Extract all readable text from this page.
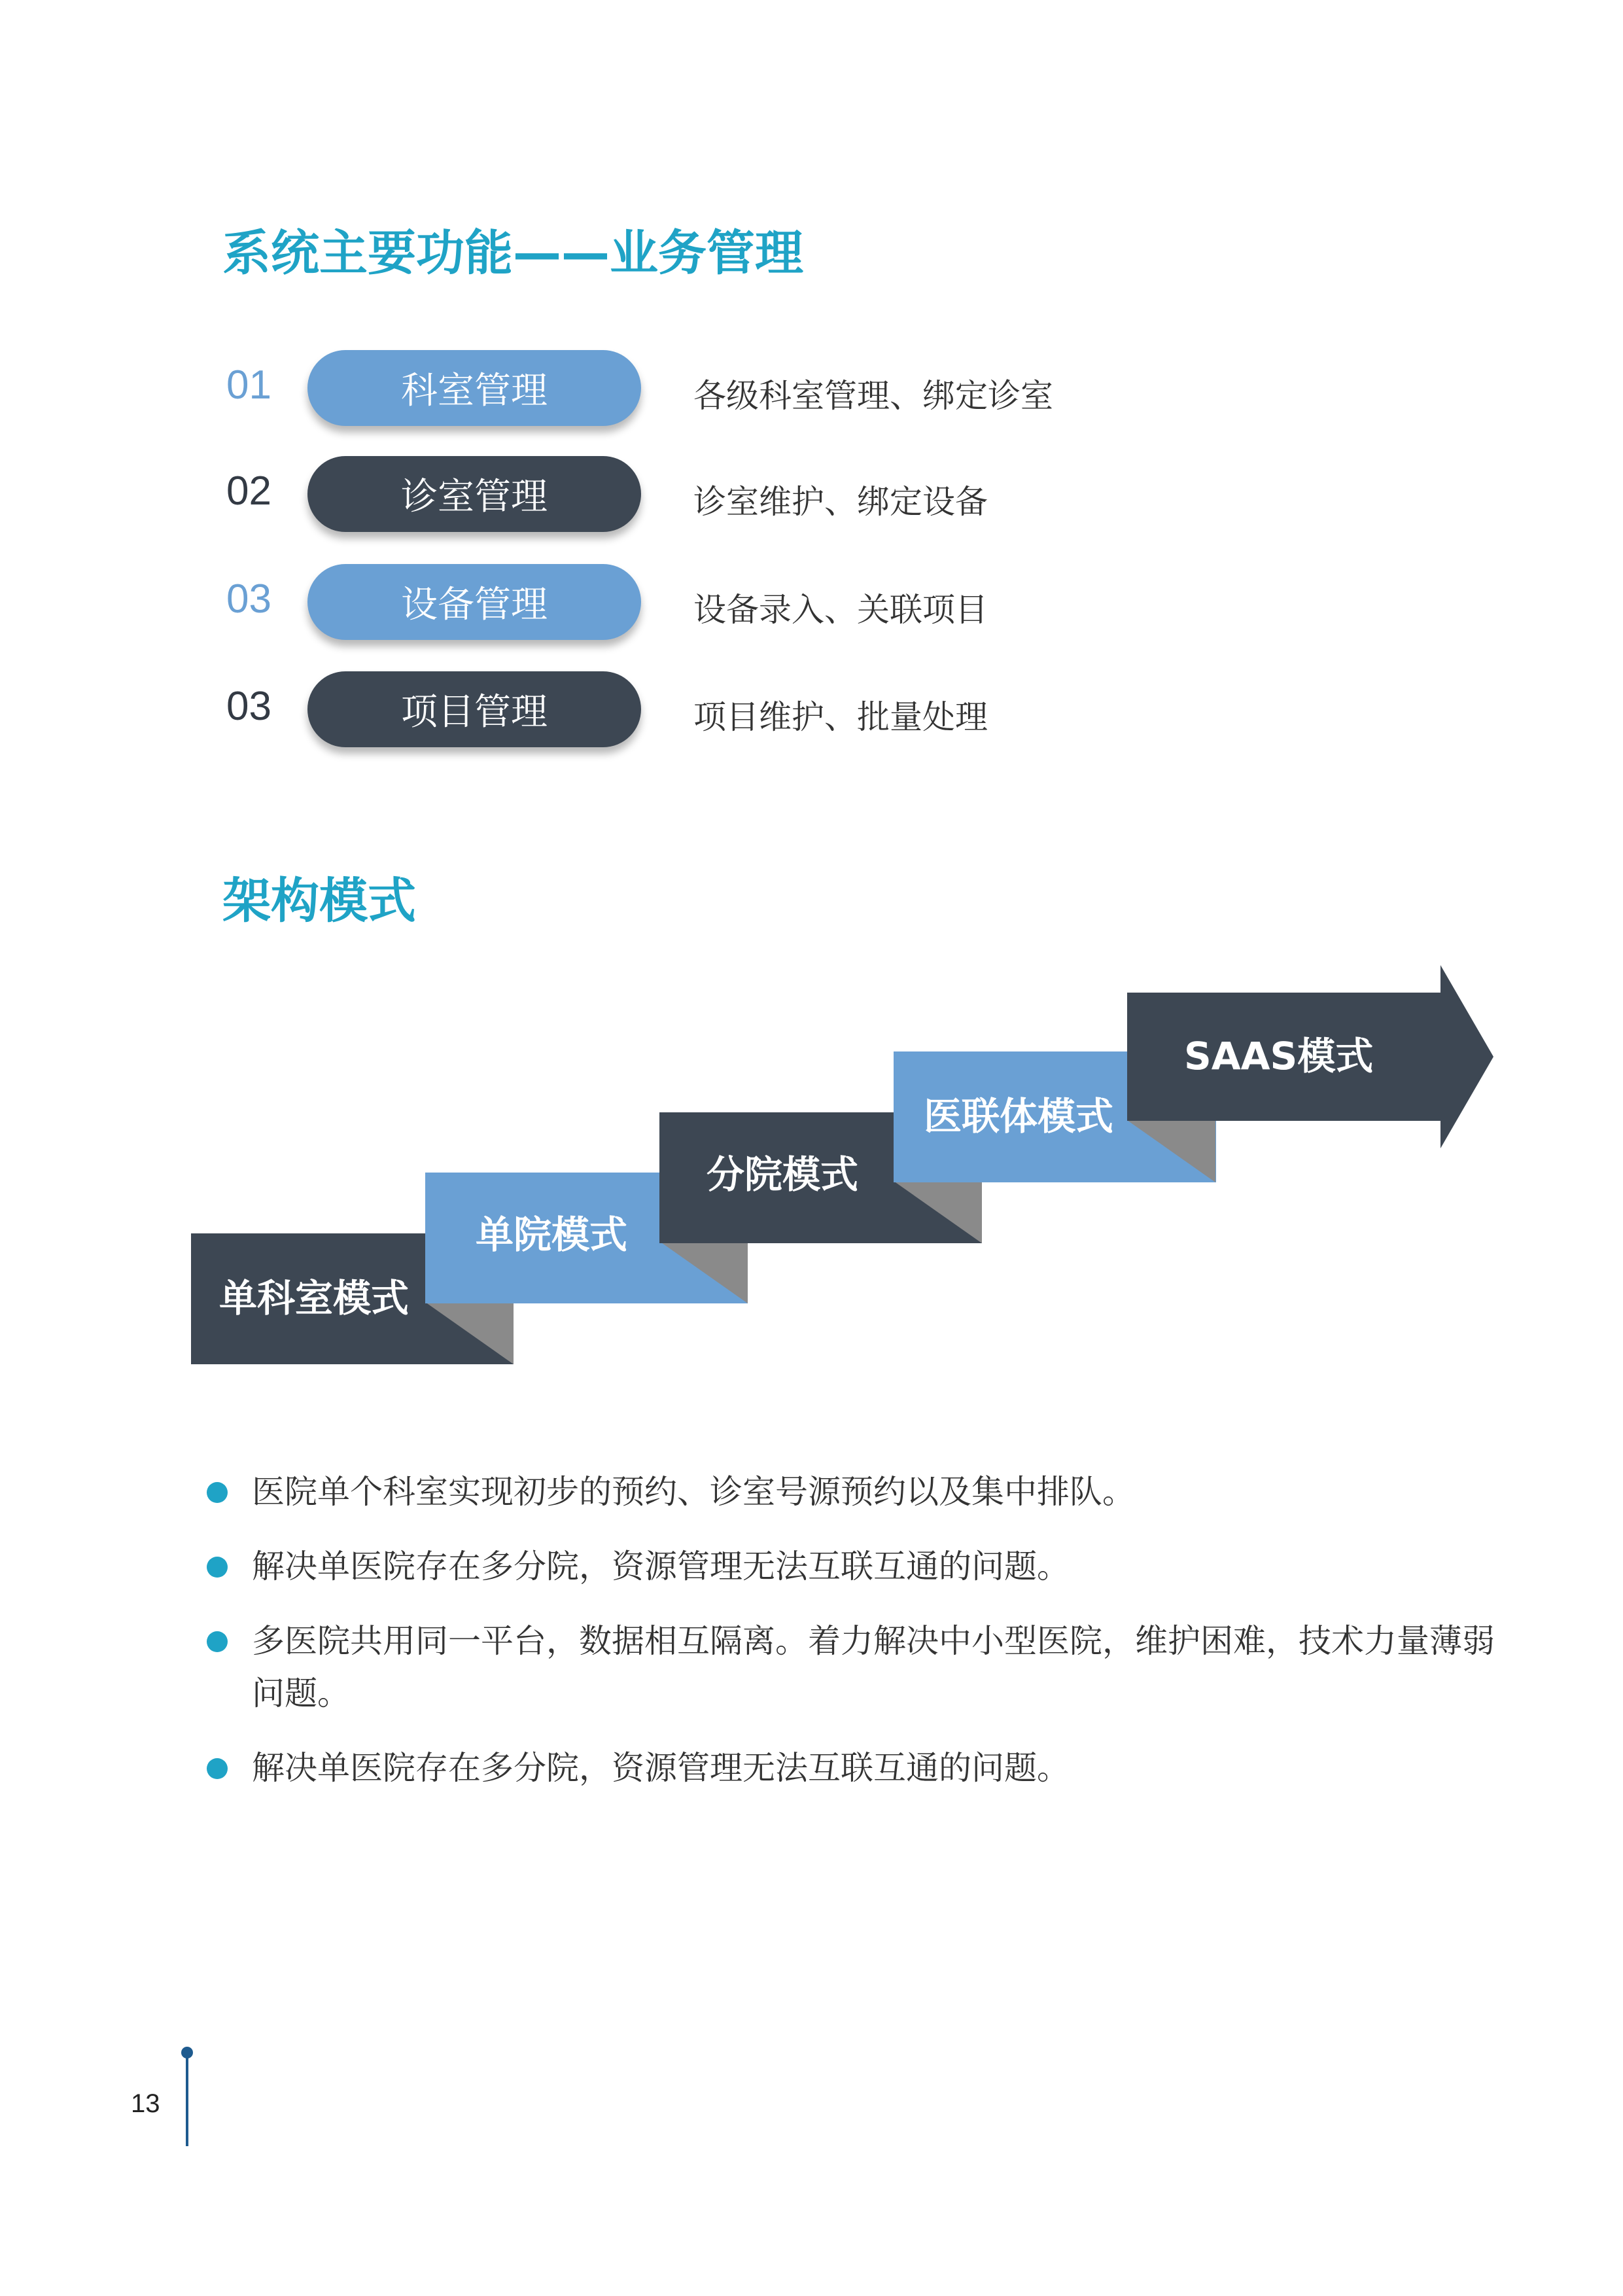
系统主要功能——业务管理
01	科室管理	各级科室管理、绑定诊室
02	诊室管理	诊室维护、绑定设备
03	设备管理	设备录入、关联项目
03	项目管理	项目维护、批量处理
架构模式
单科室模式
单院模式
分院模式
医联体模式
SAAS模式
医院单个科室实现初步的预约、诊室号源预约以及集中排队。
解决单医院存在多分院，资源管理无法互联互通的问题。
多医院共用同一平台，数据相互隔离。着力解决中小型医院，维护困难，技术力量薄弱问题。
解决单医院存在多分院，资源管理无法互联互通的问题。
13
